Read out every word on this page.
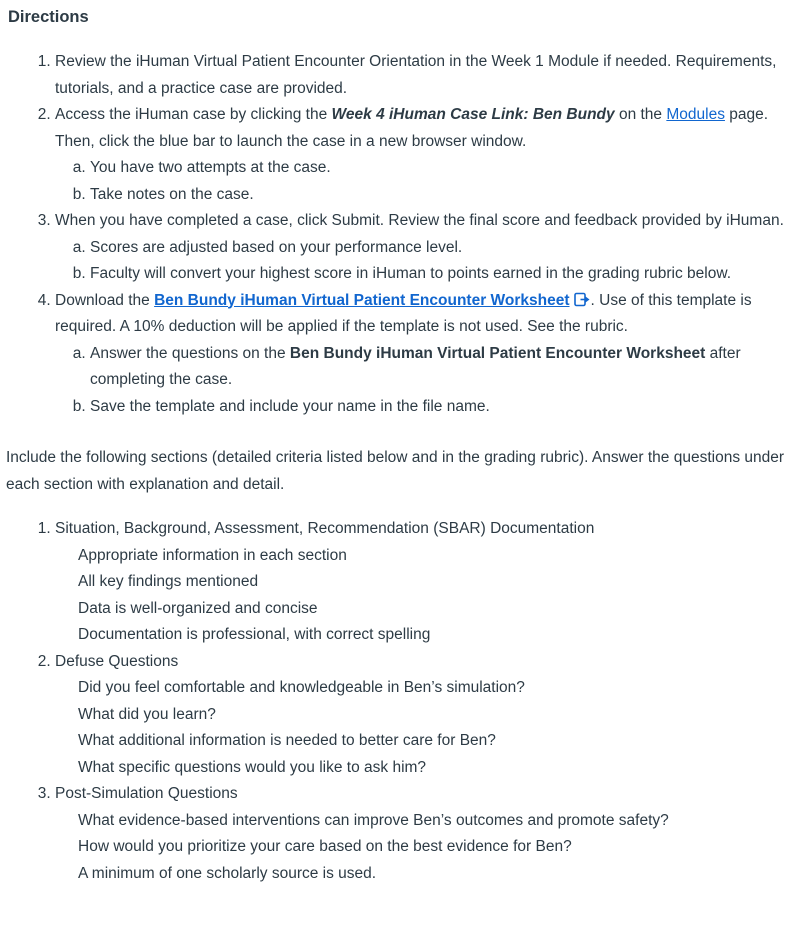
Directions
1. Review the iHuman Virtual Patient Encounter Orientation in the Week 1 Module if needed. Requirements, tutorials, and a practice case are provided.
2. Access the iHuman case by clicking the Week 4 iHuman Case Link: Ben Bundy on the Modules page. Then, click the blue bar to launch the case in a new browser window.
a. You have two attempts at the case.
b. Take notes on the case.
3. When you have completed a case, click Submit. Review the final score and feedback provided by iHuman.
a. Scores are adjusted based on your performance level.
b. Faculty will convert your highest score in iHuman to points earned in the grading rubric below.
4. Download the Ben Bundy iHuman Virtual Patient Encounter Worksheet . Use of this template is required. A 10% deduction will be applied if the template is not used. See the rubric.
a. Answer the questions on the Ben Bundy iHuman Virtual Patient Encounter Worksheet after completing the case.
b. Save the template and include your name in the file name.

Include the following sections (detailed criteria listed below and in the grading rubric). Answer the questions under each section with explanation and detail.

1. Situation, Background, Assessment, Recommendation (SBAR) Documentation
Appropriate information in each section
All key findings mentioned
Data is well-organized and concise
Documentation is professional, with correct spelling
2. Defuse Questions
Did you feel comfortable and knowledgeable in Ben’s simulation?
What did you learn?
What additional information is needed to better care for Ben?
What specific questions would you like to ask him?
3. Post-Simulation Questions
What evidence-based interventions can improve Ben’s outcomes and promote safety?
How would you prioritize your care based on the best evidence for Ben?
A minimum of one scholarly source is used.
